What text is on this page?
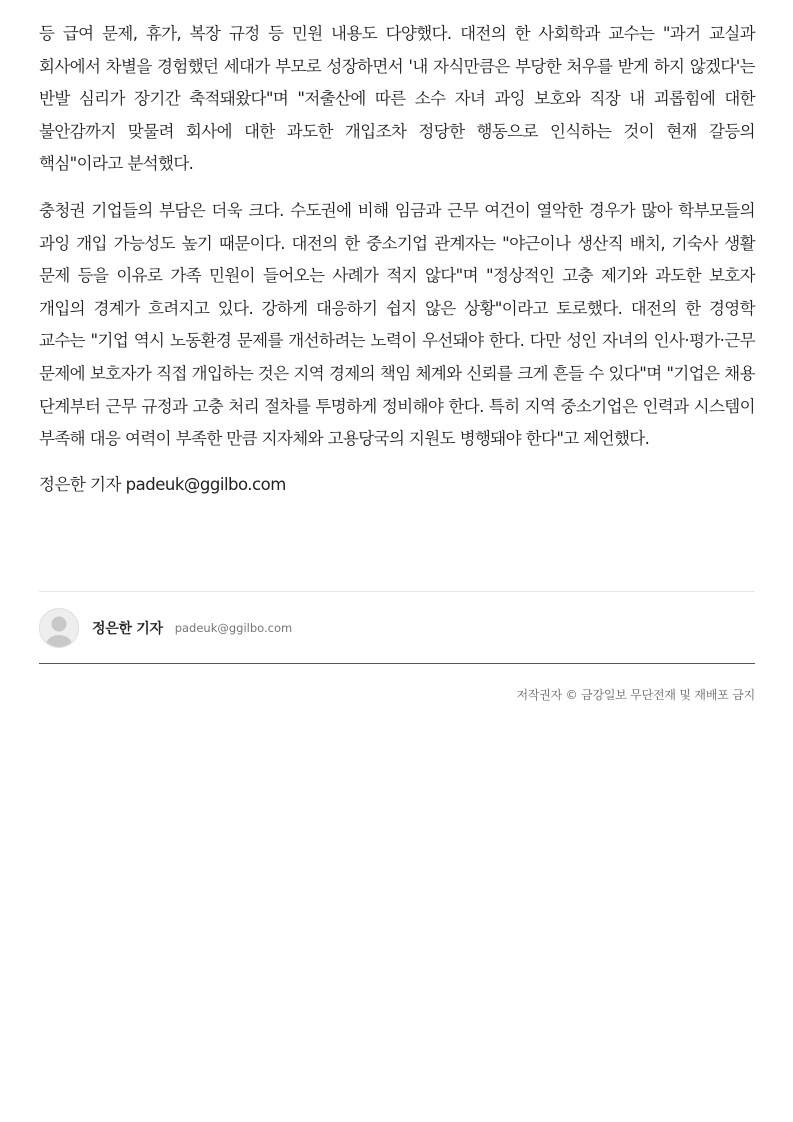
등 급여 문제, 휴가, 복장 규정 등 민원 내용도 다양했다. 대전의 한 사회학과 교수는 "과거 교실과 회사에서 차별을 경험했던 세대가 부모로 성장하면서 '내 자식만큼은 부당한 처우를 받게 하지 않겠다'는 반발 심리가 장기간 축적돼왔다"며 "저출산에 따른 소수 자녀 과잉 보호와 직장 내 괴롭힘에 대한 불안감까지 맞물려 회사에 대한 과도한 개입조차 정당한 행동으로 인식하는 것이 현재 갈등의 핵심"이라고 분석했다.

충청권 기업들의 부담은 더욱 크다. 수도권에 비해 임금과 근무 여건이 열악한 경우가 많아 학부모들의 과잉 개입 가능성도 높기 때문이다. 대전의 한 중소기업 관계자는 "야근이나 생산직 배치, 기숙사 생활 문제 등을 이유로 가족 민원이 들어오는 사례가 적지 않다"며 "정상적인 고충 제기와 과도한 보호자 개입의 경계가 흐려지고 있다. 강하게 대응하기 쉽지 않은 상황"이라고 토로했다. 대전의 한 경영학 교수는 "기업 역시 노동환경 문제를 개선하려는 노력이 우선돼야 한다. 다만 성인 자녀의 인사·평가·근무 문제에 보호자가 직접 개입하는 것은 지역 경제의 책임 체계와 신뢰를 크게 흔들 수 있다"며 "기업은 채용 단계부터 근무 규정과 고충 처리 절차를 투명하게 정비해야 한다. 특히 지역 중소기업은 인력과 시스템이 부족해 대응 여력이 부족한 만큼 지자체와 고용당국의 지원도 병행돼야 한다"고 제언했다.

정은한 기자 padeuk@ggilbo.com
정은한 기자 padeuk@ggilbo.com
저작권자 © 금강일보 무단전재 및 재배포 금지
